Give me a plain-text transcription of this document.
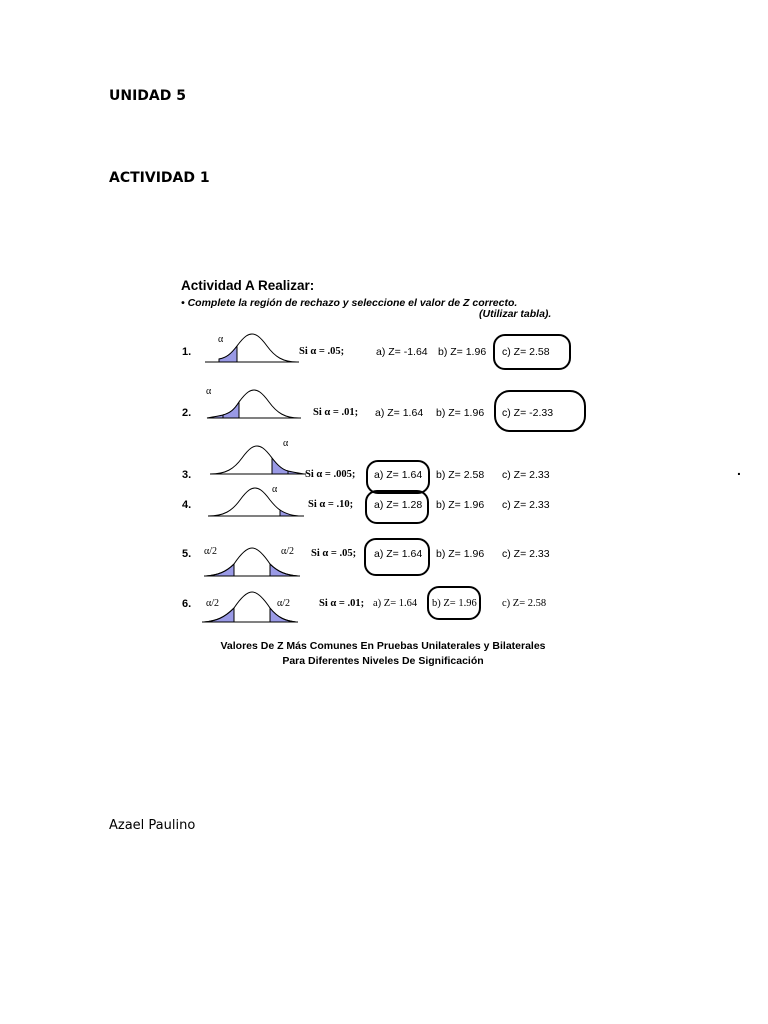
UNIDAD 5
ACTIVIDAD 1
Actividad A Realizar:
• Complete la región de rechazo y seleccione el valor de Z correcto.
(Utilizar tabla).
1.
α
Si α = .05;	a) Z= -1.64 b) Z= 1.96 c) Z= 2.58
2.
α
Si α = .01; a) Z= 1.64 b) Z= 1.96 c) Z= -2.33
3.
α
Si α = .005; a) Z= 1.64 b) Z= 2.58 c) Z= 2.33
4.
α
Si α = .10; a) Z= 1.28 b) Z= 1.96 c) Z= 2.33
5. α/2	α/2 Si α = .05; a) Z= 1.64 b) Z= 1.96 c) Z= 2.33
6. α/2	α/2	Si α = .01; a) Z= 1.64 b) Z= 1.96 c) Z= 2.58
Valores De Z Más Comunes En Pruebas Unilaterales y Bilaterales
Para Diferentes Niveles De Significación
.
Azael Paulino
